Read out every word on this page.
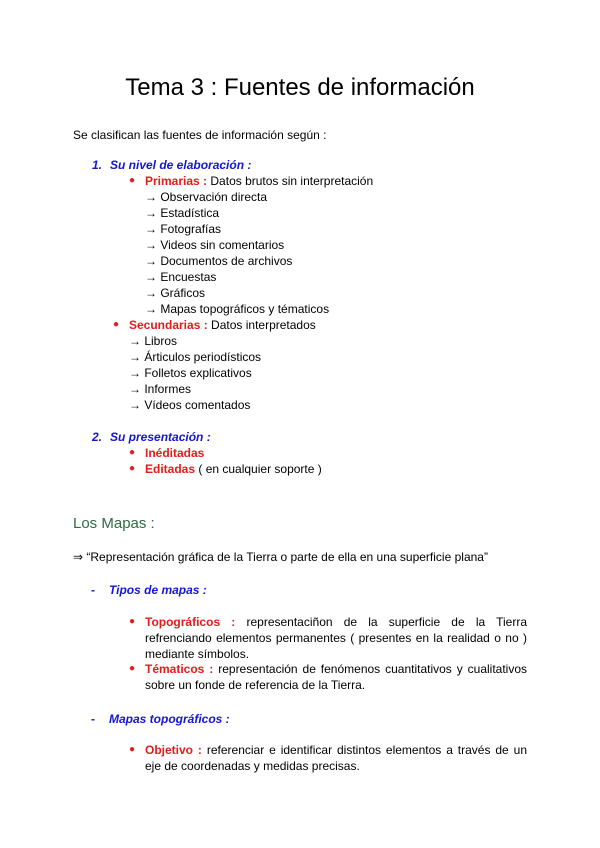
Tema 3 : Fuentes de información
Se clasifican las fuentes de información según :
1. Su nivel de elaboración :
● Primarias : Datos brutos sin interpretación
→ Observación directa
→ Estadística
→ Fotografías
→ Videos sin comentarios
→ Documentos de archivos
→ Encuestas
→ Gráficos
→ Mapas topográficos y tématicos
● Secundarias : Datos interpretados
→ Libros
→ Árticulos periodísticos
→ Folletos explicativos
→ Informes
→ Vídeos comentados
2. Su presentación :
● Inéditadas
● Editadas ( en cualquier soporte )
Los Mapas :
⇒ “Representación gráfica de la Tierra o parte de ella en una superficie plana”
- Tipos de mapas :
● Topográficos : representaciñon de la superficie de la Tierra refrenciando elementos permanentes ( presentes en la realidad o no ) mediante símbolos.
● Tématicos : representación de fenómenos cuantitativos y cualitativos sobre un fonde de referencia de la Tierra.
- Mapas topográficos :
● Objetivo : referenciar e identificar distintos elementos a través de un eje de coordenadas y medidas precisas.
